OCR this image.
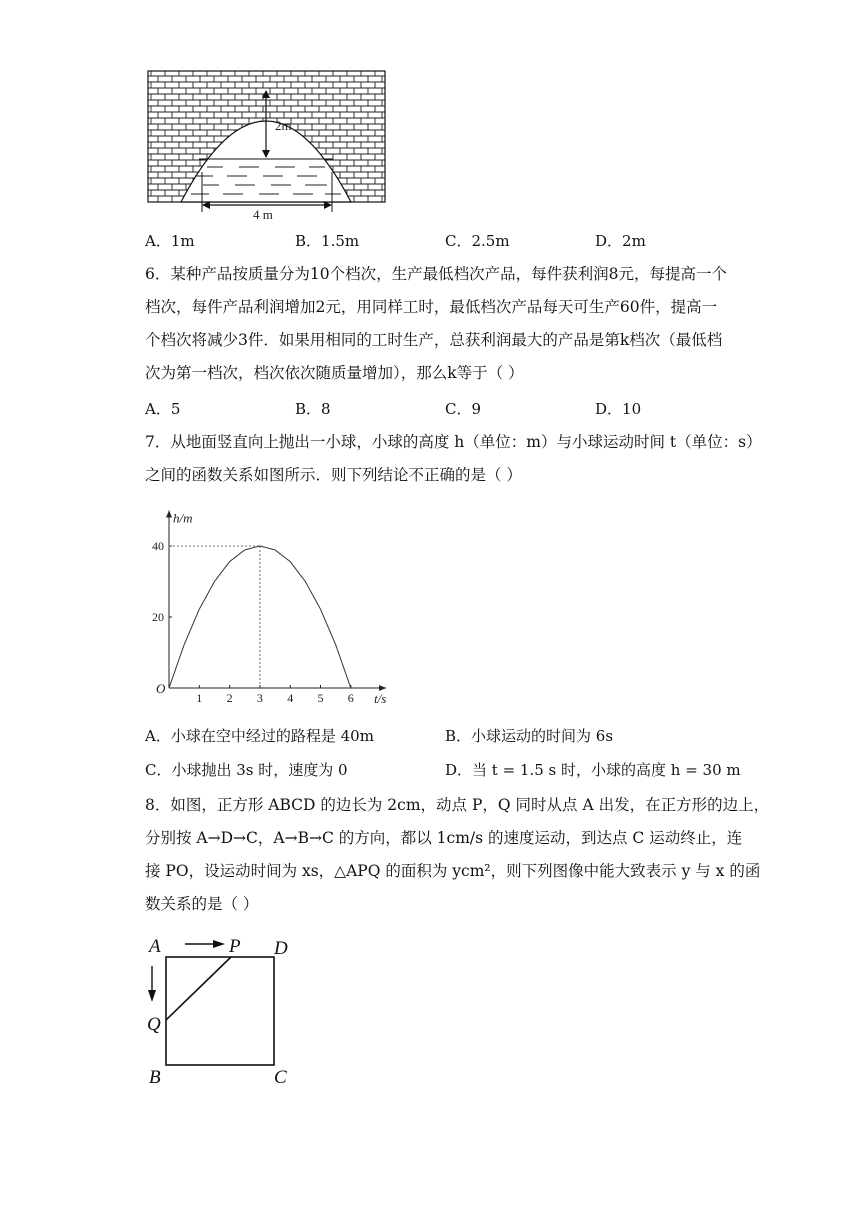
2m
4 m
A．1m	B．1.5m	C．2.5m	D．2m
6．某种产品按质量分为10个档次，生产最低档次产品，每件获利润8元，每提高一个
档次，每件产品利润增加2元，用同样工时，最低档次产品每天可生产60件，提高一
个档次将减少3件．如果用相同的工时生产，总获利润最大的产品是第k档次（最低档
次为第一档次，档次依次随质量增加），那么k等于（ ）
A．5	B．8	C．9	D．10
7．从地面竖直向上抛出一小球，小球的高度 h（单位：m）与小球运动时间 t（单位：s）
之间的函数关系如图所示．则下列结论不正确的是（ ）
h/m
t/s
O
1 2 3 4 5 6
20
40
A．小球在空中经过的路程是 40m	B．小球运动的时间为 6s
C．小球抛出 3s 时，速度为 0	D．当 t = 1.5 s 时，小球的高度 h = 30 m
8．如图，正方形 ABCD 的边长为 2cm，动点 P，Q 同时从点 A 出发，在正方形的边上，
分别按 A→D→C，A→B→C 的方向，都以 1cm/s 的速度运动，到达点 C 运动终止，连
接 PO，设运动时间为 xs，△APQ 的面积为 ycm²，则下列图像中能大致表示 y 与 x 的函
数关系的是（ ）
A	P D
Q
B	C
